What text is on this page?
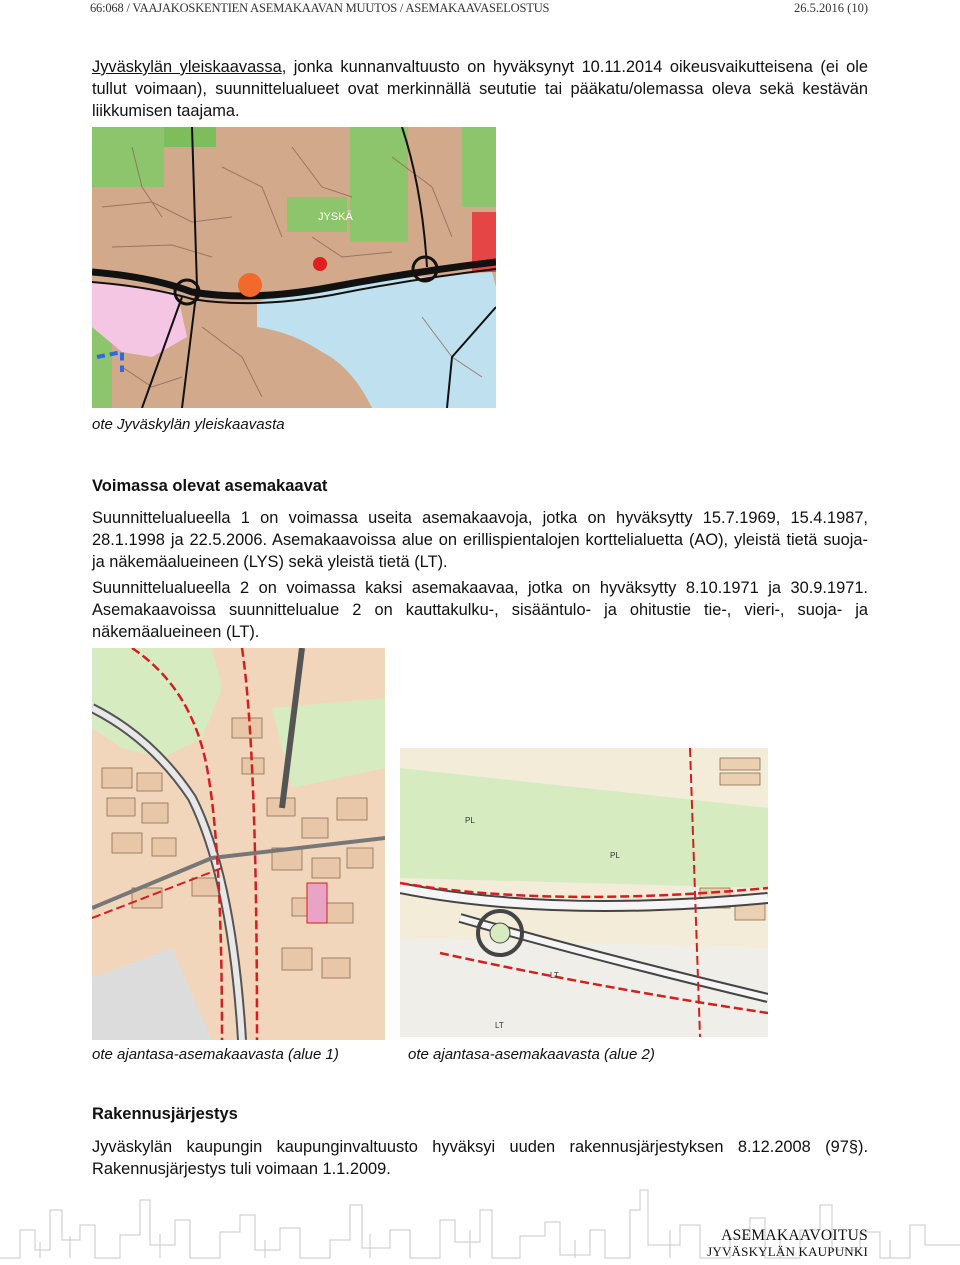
66:068 / VAAJAKOSKENTIEN ASEMAKAAVAN MUUTOS / ASEMAKAAVASELOSTUS	26.5.2016 (10)

Jyväskylän yleiskaavassa, jonka kunnanvaltuusto on hyväksynyt 10.11.2014 oikeusvaikutteisena (ei ole tullut voimaan), suunnittelualueet ovat merkinnällä seututie tai pääkatu/olemassa oleva sekä kestävän liikkumisen taajama.

JYSKÄ
ote Jyväskylän yleiskaavasta
Voimassa olevat asemakaavat

Suunnittelualueella 1 on voimassa useita asemakaavoja, jotka on hyväksytty 15.7.1969, 15.4.1987, 28.1.1998 ja 22.5.2006. Asemakaavoissa alue on erillispientalojen korttelialuetta (AO), yleistä tietä suoja- ja näkemäalueineen (LYS) sekä yleistä tietä (LT).

Suunnittelualueella 2 on voimassa kaksi asemakaavaa, jotka on hyväksytty 8.10.1971 ja 30.9.1971. Asemakaavoissa suunnittelualue 2 on kauttakulku-, sisääntulo- ja ohitustie tie-, vieri-, suoja- ja näkemäalueineen (LT).

ote ajantasa-asemakaavasta (alue 1)
PL
LT
PL
LT
ote ajantasa-asemakaavasta (alue 2)
Rakennusjärjestys

Jyväskylän kaupungin kaupunginvaltuusto hyväksyi uuden rakennusjärjestyksen 8.12.2008 (97§). Rakennusjärjestys tuli voimaan 1.1.2009.

ASEMAKAAVOITUS
JYVÄSKYLÄN KAUPUNKI
